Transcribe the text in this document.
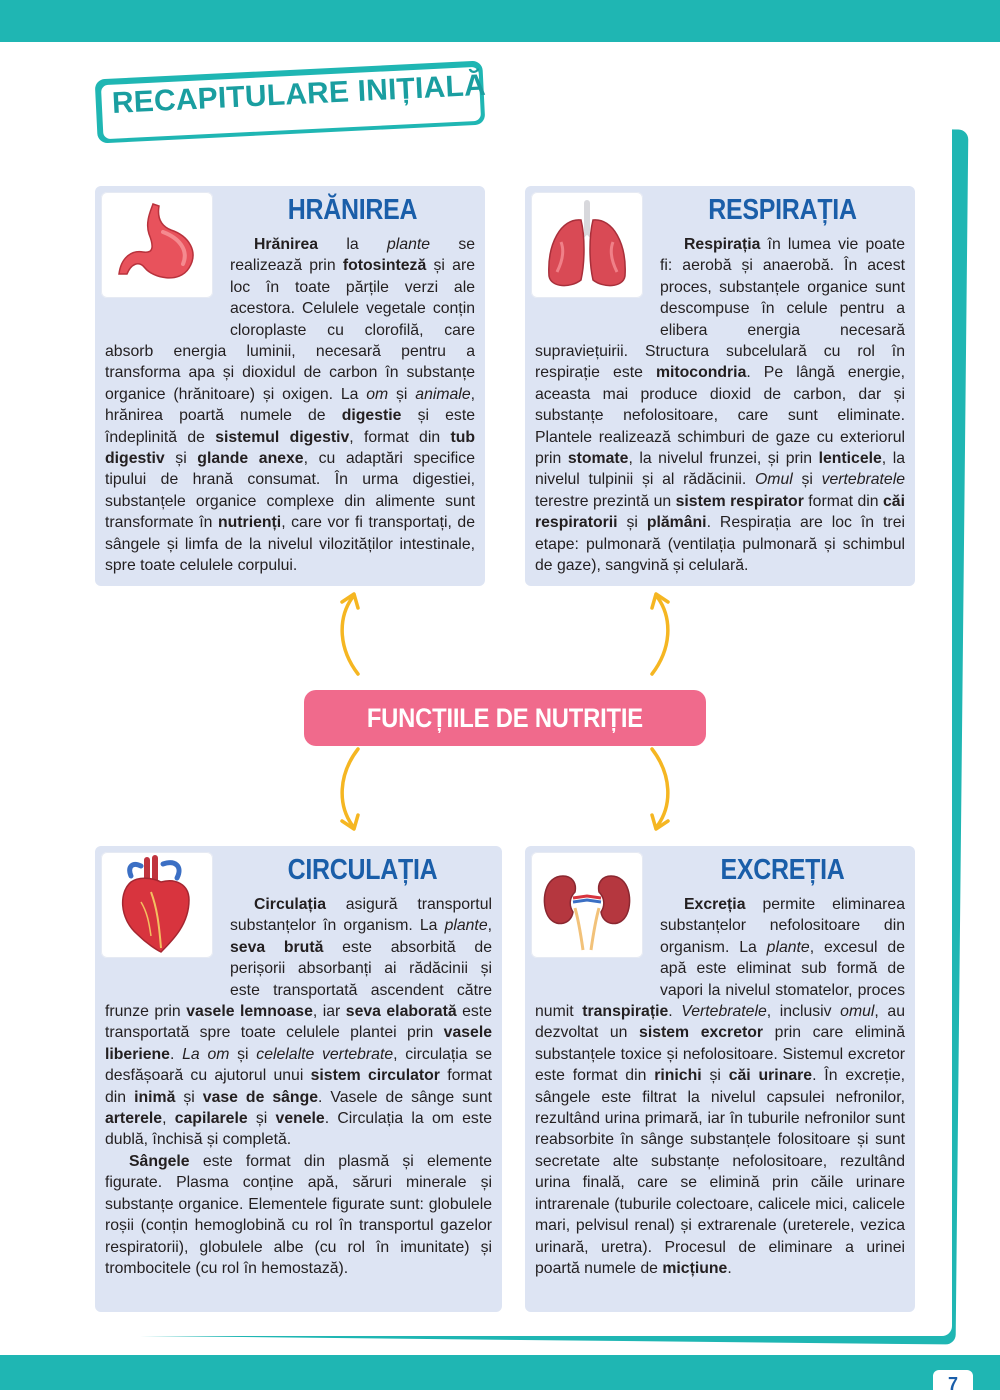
RECAPITULARE INIȚIALĂ
HRĂNIREA

Hrănirea la plante se realizează prin fotosinteză și are loc în toate părțile verzi ale acestora. Celulele vegetale conțin cloroplaste cu clorofilă, care absorb energia luminii, necesară pentru a transforma apa și dioxidul de carbon în substanțe organice (hrănitoare) și oxigen. La om și animale, hrănirea poartă numele de digestie și este îndeplinită de sistemul digestiv, format din tub digestiv și glande anexe, cu adaptări specifice tipului de hrană consumat. În urma digestiei, substanțele organice complexe din alimente sunt transformate în nutrienți, care vor fi transportați, de sângele și limfa de la nivelul vilozităților intestinale, spre toate celulele corpului.

RESPIRAȚIA

Respirația în lumea vie poate fi: aerobă și anaerobă. În acest proces, substanțele organice sunt descompuse în celule pentru a elibera energia necesară supraviețuirii. Structura subcelulară cu rol în respirație este mitocondria. Pe lângă energie, aceasta mai produce dioxid de carbon, dar și substanțe nefolositoare, care sunt eliminate. Plantele realizează schimburi de gaze cu exteriorul prin stomate, la nivelul frunzei, și prin lenticele, la nivelul tulpinii și al rădăcinii. Omul și vertebratele terestre prezintă un sistem respirator format din căi respiratorii și plămâni. Respirația are loc în trei etape: pulmonară (ventilația pulmonară și schimbul de gaze), sangvină și celulară.

FUNCȚIILE DE NUTRIȚIE
CIRCULAȚIA

Circulația asigură transportul substanțelor în organism. La plante, seva brută este absorbită de perișorii absorbanți ai rădăcinii și este transportată ascendent către frunze prin vasele lemnoase, iar seva elaborată este transportată spre toate celulele plantei prin vasele liberiene. La om și celelalte vertebrate, circulația se desfășoară cu ajutorul unui sistem circulator format din inimă și vase de sânge. Vasele de sânge sunt arterele, capilarele și venele. Circulația la om este dublă, închisă și completă.

Sângele este format din plasmă și elemente figurate. Plasma conține apă, săruri minerale și substanțe organice. Elementele figurate sunt: globulele roșii (conțin hemoglobină cu rol în transportul gazelor respiratorii), globulele albe (cu rol în imunitate) și trombocitele (cu rol în hemostază).

EXCREȚIA

Excreția permite eliminarea substanțelor nefolositoare din organism. La plante, excesul de apă este eliminat sub formă de vapori la nivelul stomatelor, proces numit transpirație. Vertebratele, inclusiv omul, au dezvoltat un sistem excretor prin care elimină substanțele toxice și nefolositoare. Sistemul excretor este format din rinichi și căi urinare. În excreție, sângele este filtrat la nivelul capsulei nefronilor, rezultând urina primară, iar în tuburile nefronilor sunt reabsorbite în sânge substanțele folositoare și sunt secretate alte substanțe nefolositoare, rezultând urina finală, care se elimină prin căile urinare intrarenale (tuburile colectoare, calicele mici, calicele mari, pelvisul renal) și extrarenale (ureterele, vezica urinară, uretra). Procesul de eliminare a urinei poartă numele de micțiune.

7
